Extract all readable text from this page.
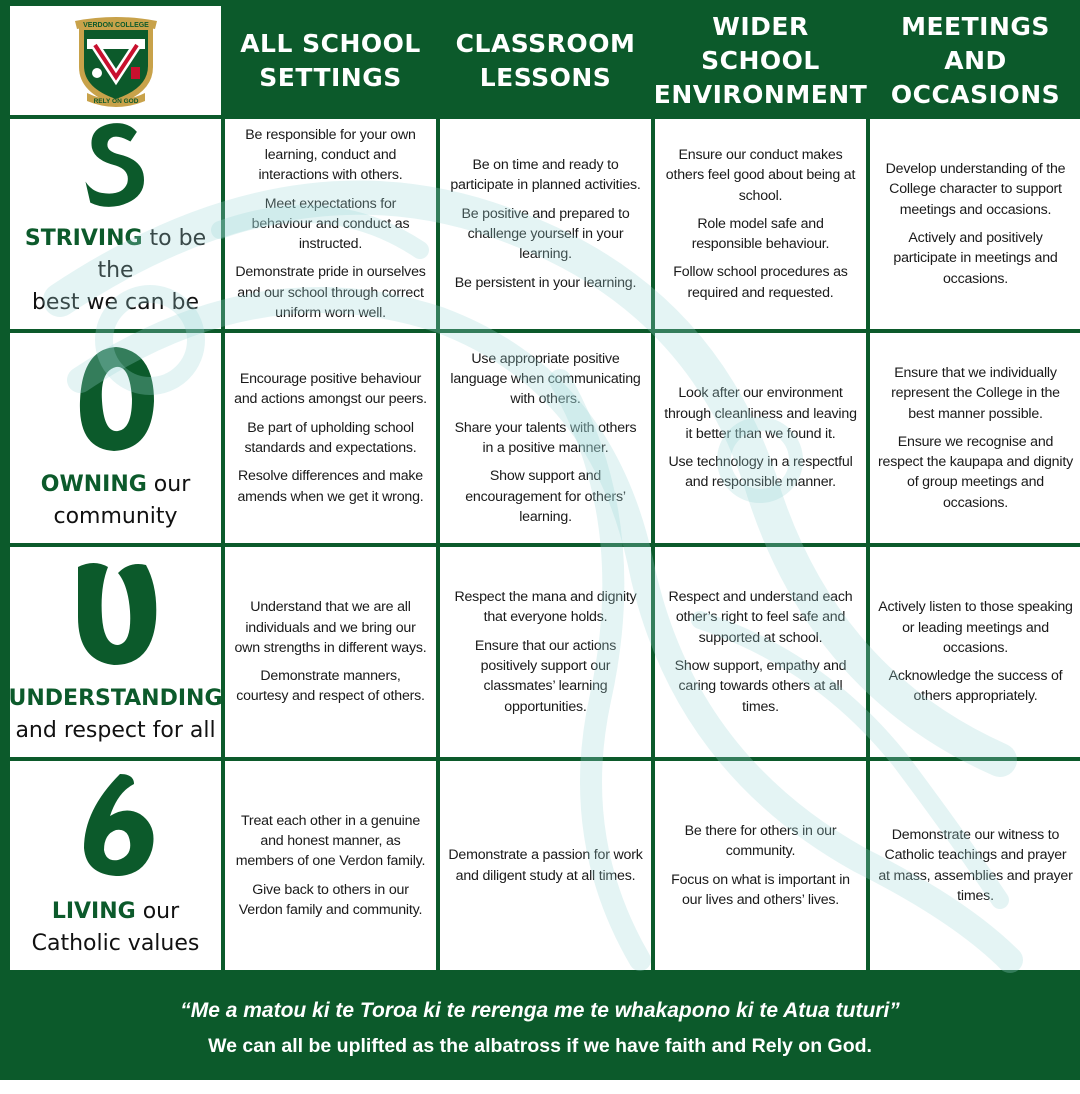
VERDON COLLEGE
RELY ON GOD
ALL SCHOOL
SETTINGS
CLASSROOM
LESSONS
WIDER SCHOOL
ENVIRONMENT
MEETINGS AND
OCCASIONS
STRIVING to be the
best we can be

Be responsible for your own learning, conduct and interactions with others.

Meet expectations for behaviour and conduct as instructed.

Demonstrate pride in ourselves and our school through correct uniform worn well.

Be on time and ready to participate in planned activities.

Be positive and prepared to challenge yourself in your learning.

Be persistent in your learning.

Ensure our conduct makes others feel good about being at school.

Role model safe and responsible behaviour.

Follow school procedures as required and requested.

Develop understanding of the College character to support meetings and occasions.

Actively and positively participate in meetings and occasions.

OWNING our
community

Encourage positive behaviour and actions amongst our peers.

Be part of upholding school standards and expectations.

Resolve differences and make amends when we get it wrong.

Use appropriate positive language when communicating with others.

Share your talents with others in a positive manner.

Show support and encouragement for others’ learning.

Look after our environment through cleanliness and leaving it better than we found it.

Use technology in a respectful and responsible manner.

Ensure that we individually represent the College in the best manner possible.

Ensure we recognise and respect the kaupapa and dignity of group meetings and occasions.

UNDERSTANDING
and respect for all

Understand that we are all individuals and we bring our own strengths in different ways.

Demonstrate manners, courtesy and respect of others.

Respect the mana and dignity that everyone holds.

Ensure that our actions positively support our classmates’ learning opportunities.

Respect and understand each other’s right to feel safe and supported at school.

Show support, empathy and caring towards others at all times.

Actively listen to those speaking or leading meetings and occasions.

Acknowledge the success of others appropriately.

LIVING our
Catholic values

Treat each other in a genuine and honest manner, as members of one Verdon family.

Give back to others in our Verdon family and community.

Demonstrate a passion for work and diligent study at all times.

Be there for others in our community.

Focus on what is important in our lives and others’ lives.

Demonstrate our witness to Catholic teachings and prayer at mass, assemblies and prayer times.

“Me a matou ki te Toroa ki te rerenga me te whakapono ki te Atua tuturi”
We can all be uplifted as the albatross if we have faith and Rely on God.
